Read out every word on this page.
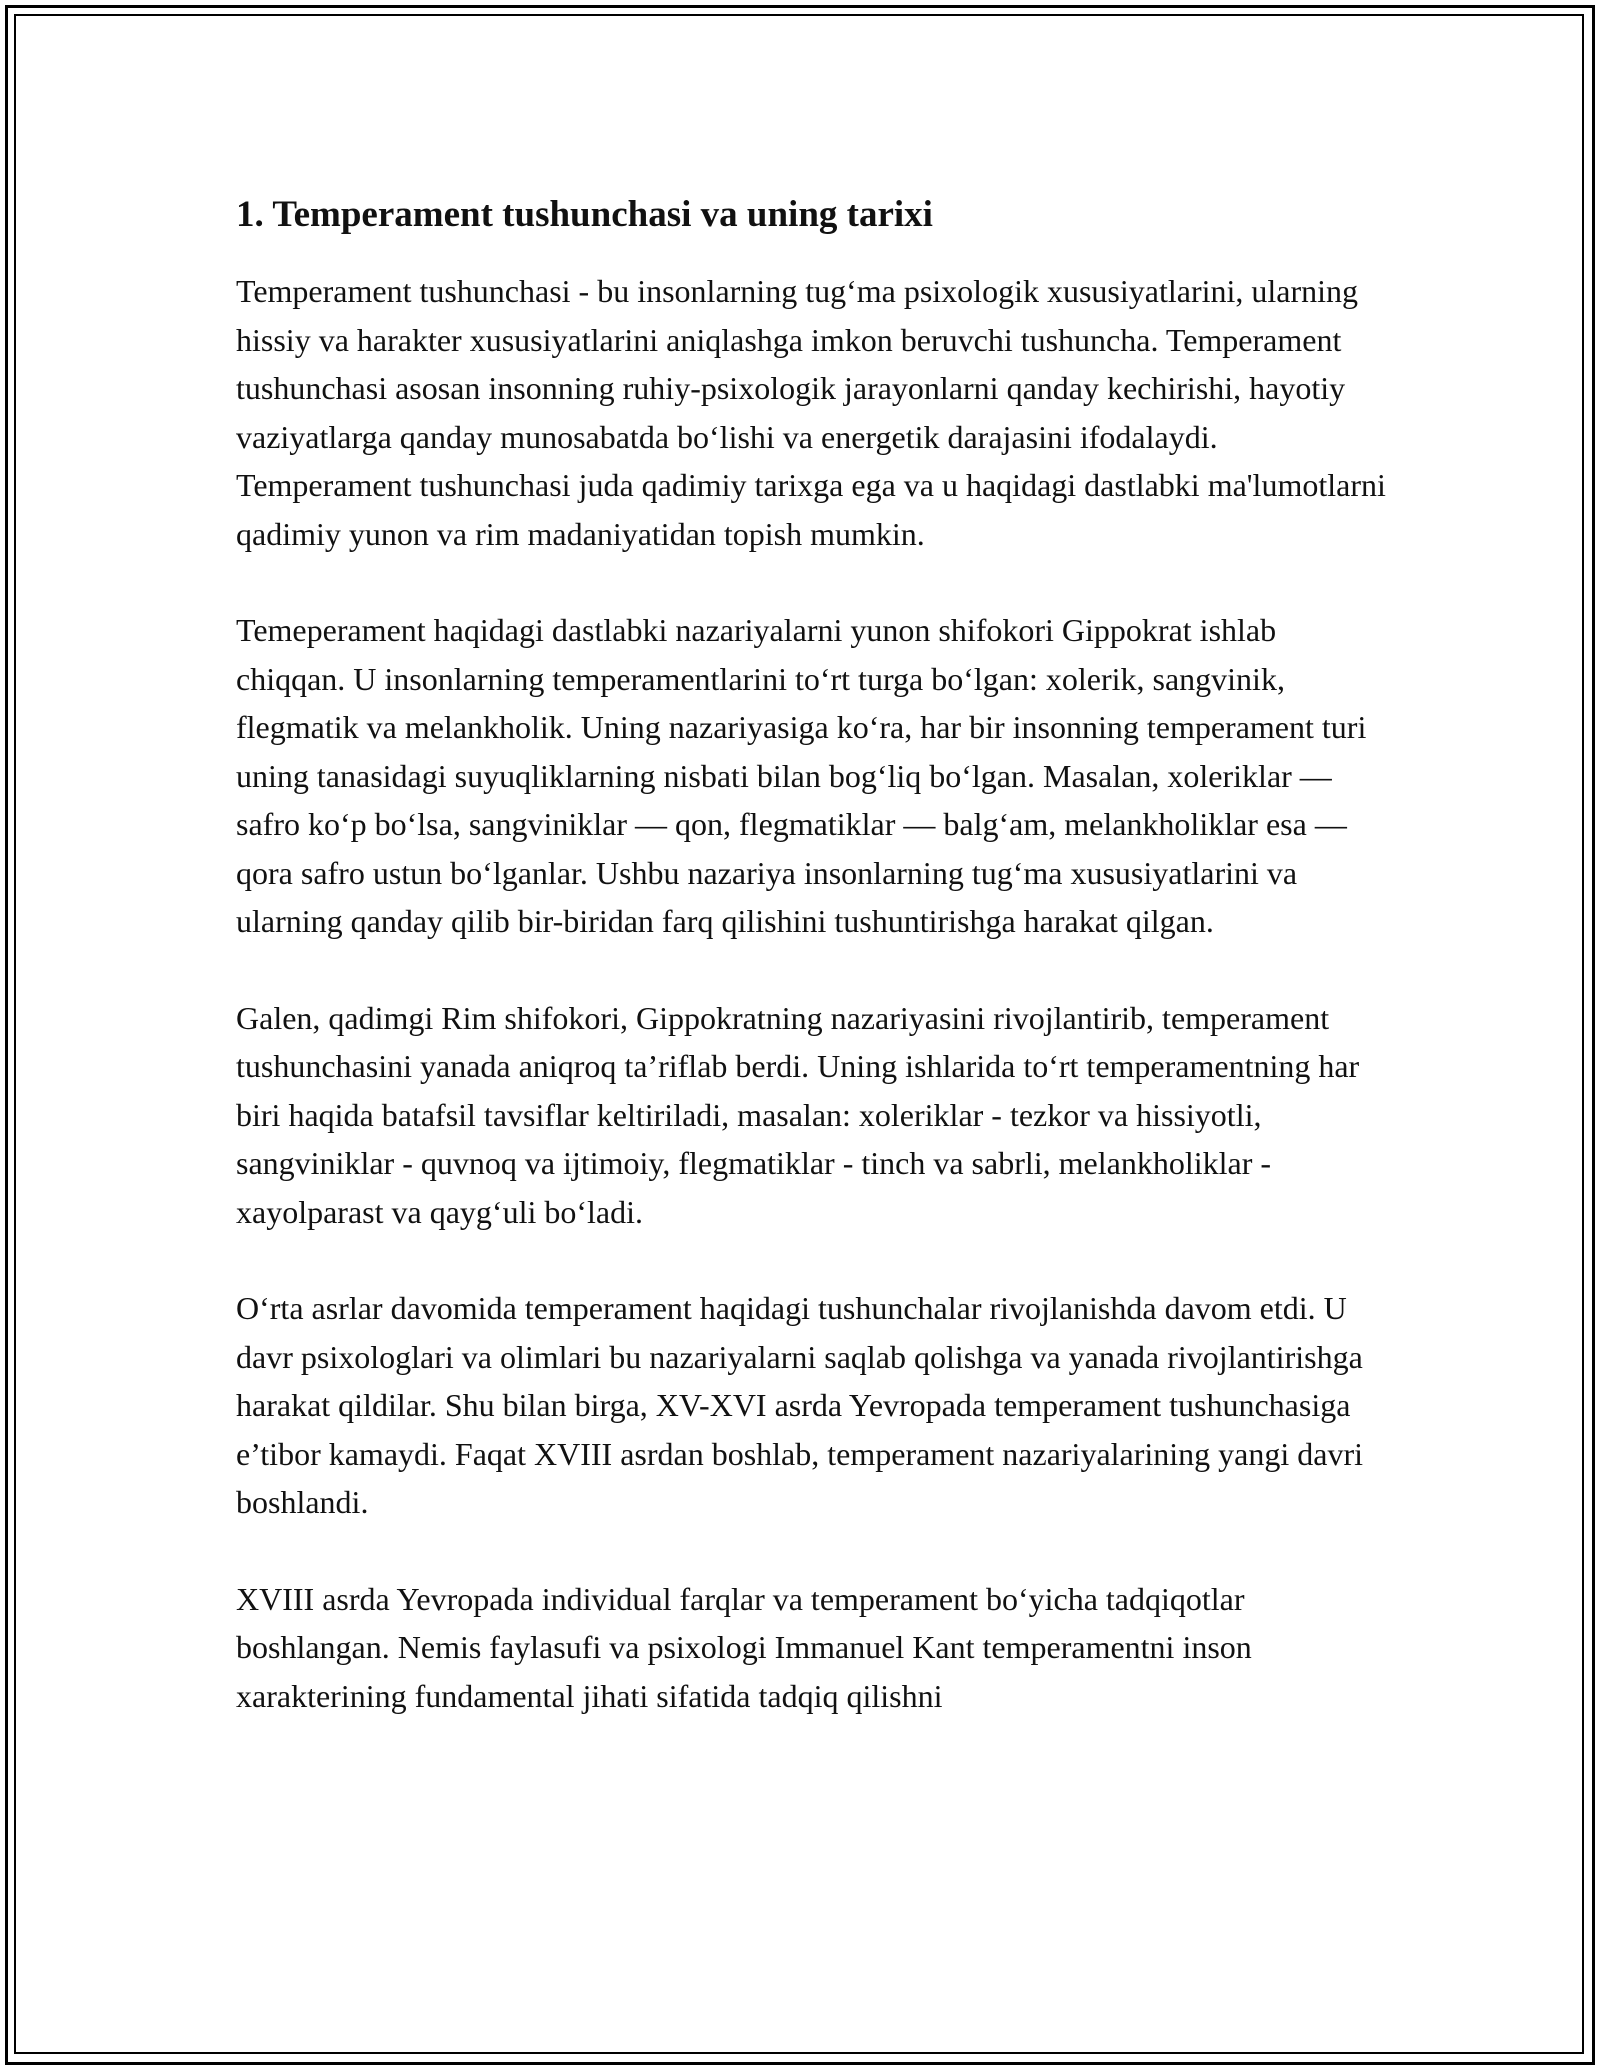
1. Temperament tushunchasi va uning tarixi

Temperament tushunchasi - bu insonlarning tug‘ma psixologik xususiyatlarini, ularning hissiy va harakter xususiyatlarini aniqlashga imkon beruvchi tushuncha. Temperament tushunchasi asosan insonning ruhiy-psixologik jarayonlarni qanday kechirishi, hayotiy vaziyatlarga qanday munosabatda bo‘lishi va energetik darajasini ifodalaydi. Temperament tushunchasi juda qadimiy tarixga ega va u haqidagi dastlabki ma'lumotlarni qadimiy yunon va rim madaniyatidan topish mumkin.

Temeperament haqidagi dastlabki nazariyalarni yunon shifokori Gippokrat ishlab chiqqan. U insonlarning temperamentlarini to‘rt turga bo‘lgan: xolerik, sangvinik, flegmatik va melankholik. Uning nazariyasiga ko‘ra, har bir insonning temperament turi uning tanasidagi suyuqliklarning nisbati bilan bog‘liq bo‘lgan. Masalan, xoleriklar — safro ko‘p bo‘lsa, sangviniklar — qon, flegmatiklar — balg‘am, melankholiklar esa — qora safro ustun bo‘lganlar. Ushbu nazariya insonlarning tug‘ma xususiyatlarini va ularning qanday qilib bir-biridan farq qilishini tushuntirishga harakat qilgan.

Galen, qadimgi Rim shifokori, Gippokratning nazariyasini rivojlantirib, temperament tushunchasini yanada aniqroq ta’riflab berdi. Uning ishlarida to‘rt temperamentning har biri haqida batafsil tavsiflar keltiriladi, masalan: xoleriklar - tezkor va hissiyotli, sangviniklar - quvnoq va ijtimoiy, flegmatiklar - tinch va sabrli, melankholiklar - xayolparast va qayg‘uli bo‘ladi.

O‘rta asrlar davomida temperament haqidagi tushunchalar rivojlanishda davom etdi. U davr psixologlari va olimlari bu nazariyalarni saqlab qolishga va yanada rivojlantirishga harakat qildilar. Shu bilan birga, XV-XVI asrda Yevropada temperament tushunchasiga e’tibor kamaydi. Faqat XVIII asrdan boshlab, temperament nazariyalarining yangi davri boshlandi.

XVIII asrda Yevropada individual farqlar va temperament bo‘yicha tadqiqotlar boshlangan. Nemis faylasufi va psixologi Immanuel Kant temperamentni inson xarakterining fundamental jihati sifatida tadqiq qilishni
